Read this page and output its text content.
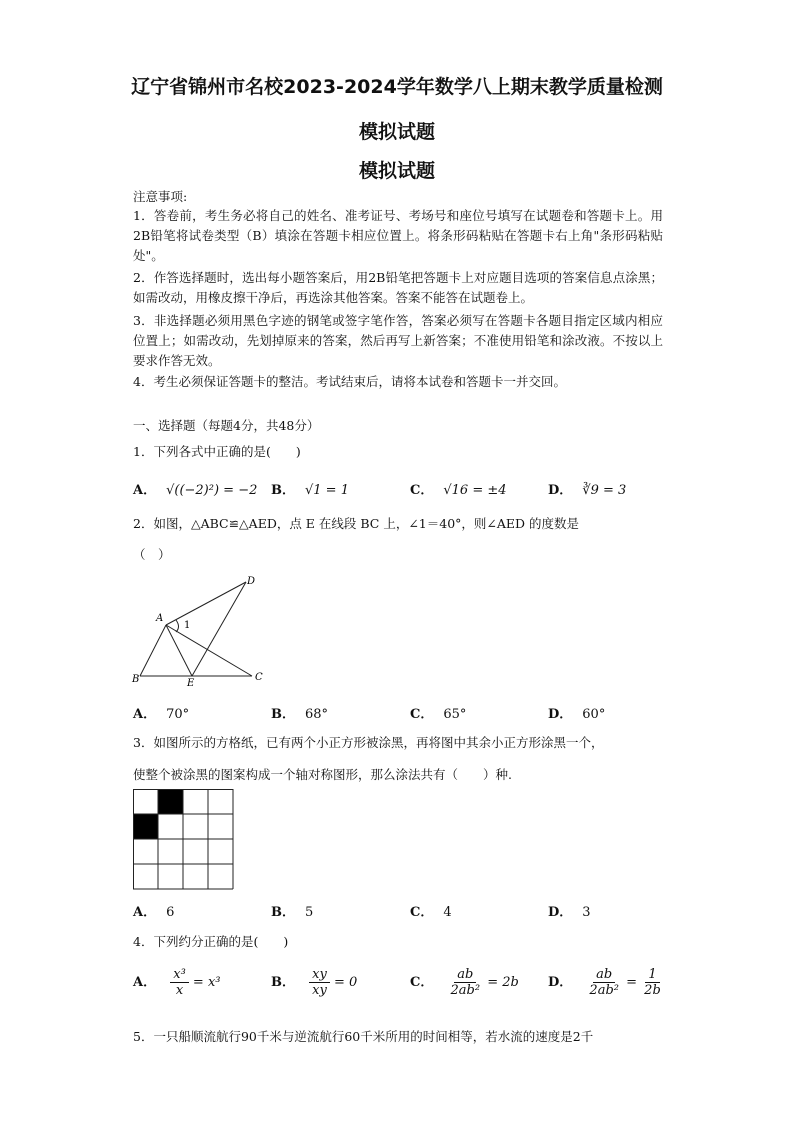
辽宁省锦州市名校2023-2024学年数学八上期末教学质量检测
模拟试题
模拟试题
注意事项:
1．答卷前，考生务必将自己的姓名、准考证号、考场号和座位号填写在试题卷和答题卡上。用2B铅笔将试卷类型（B）填涂在答题卡相应位置上。将条形码粘贴在答题卡右上角"条形码粘贴处"。
2．作答选择题时，选出每小题答案后，用2B铅笔把答题卡上对应题目选项的答案信息点涂黑；如需改动，用橡皮擦干净后，再选涂其他答案。答案不能答在试题卷上。
3．非选择题必须用黑色字迹的钢笔或签字笔作答，答案必须写在答题卡各题目指定区域内相应位置上；如需改动，先划掉原来的答案，然后再写上新答案；不准使用铅笔和涂改液。不按以上要求作答无效。
4．考生必须保证答题卡的整洁。考试结束后，请将本试卷和答题卡一并交回。
一、选择题（每题4分，共48分）
1．下列各式中正确的是(　　)
A． √((−2)²) = −2 B． √1 = 1	C． √16 = ±4	D． ∛9 = 3
2．如图，△ABC≌△AED，点 E 在线段 BC 上，∠1＝40°，则∠AED 的度数是
（　）
A
B	C
D
E
1
A． 70°	B． 68°	C． 65°	D． 60°
3．如图所示的方格纸，已有两个小正方形被涂黑，再将图中其余小正方形涂黑一个，
使整个被涂黑的图案构成一个轴对称图形，那么涂法共有（　　）种.
A． 6	B． 5	C． 4	D． 3
4．下列约分正确的是(　　)
A． $\frac{\text{x³}}{x} = x^3$	B． $\frac{xy}{xy} = 0$	C． $\frac{ab}{\text{2ab²}} = 2b$ D． $\frac{ab}{\text{2ab²}} = \frac{1}{2b}$
5．一只船顺流航行90千米与逆流航行60千米所用的时间相等，若水流的速度是2千
